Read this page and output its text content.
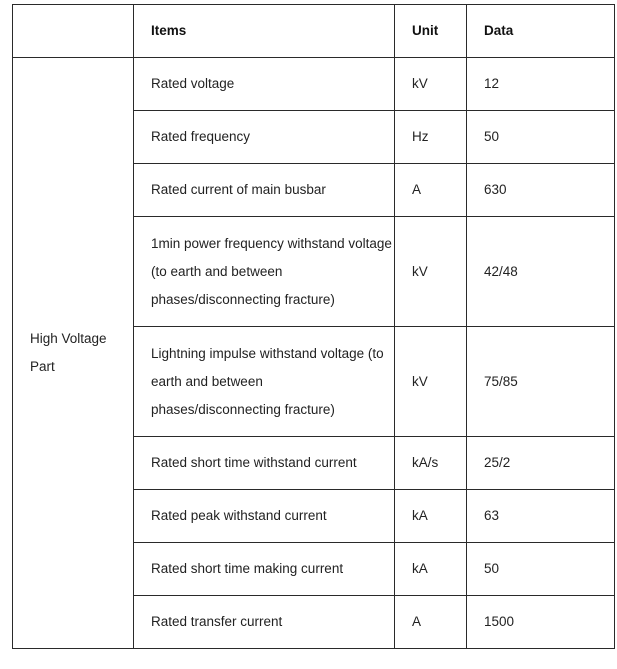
	Items	Unit	Data

High Voltage Part	Rated voltage	kV	12
	Rated frequency	Hz	50
	Rated current of main busbar	A	630
	1min power frequency withstand voltage (to earth and between phases/disconnecting fracture)	kV	42/48
	Lightning impulse withstand voltage (to earth and between phases/disconnecting fracture)	kV	75/85
	Rated short time withstand current	kA/s	25/2
	Rated peak withstand current	kA	63
	Rated short time making current	kA	50
	Rated transfer current	A	1500
